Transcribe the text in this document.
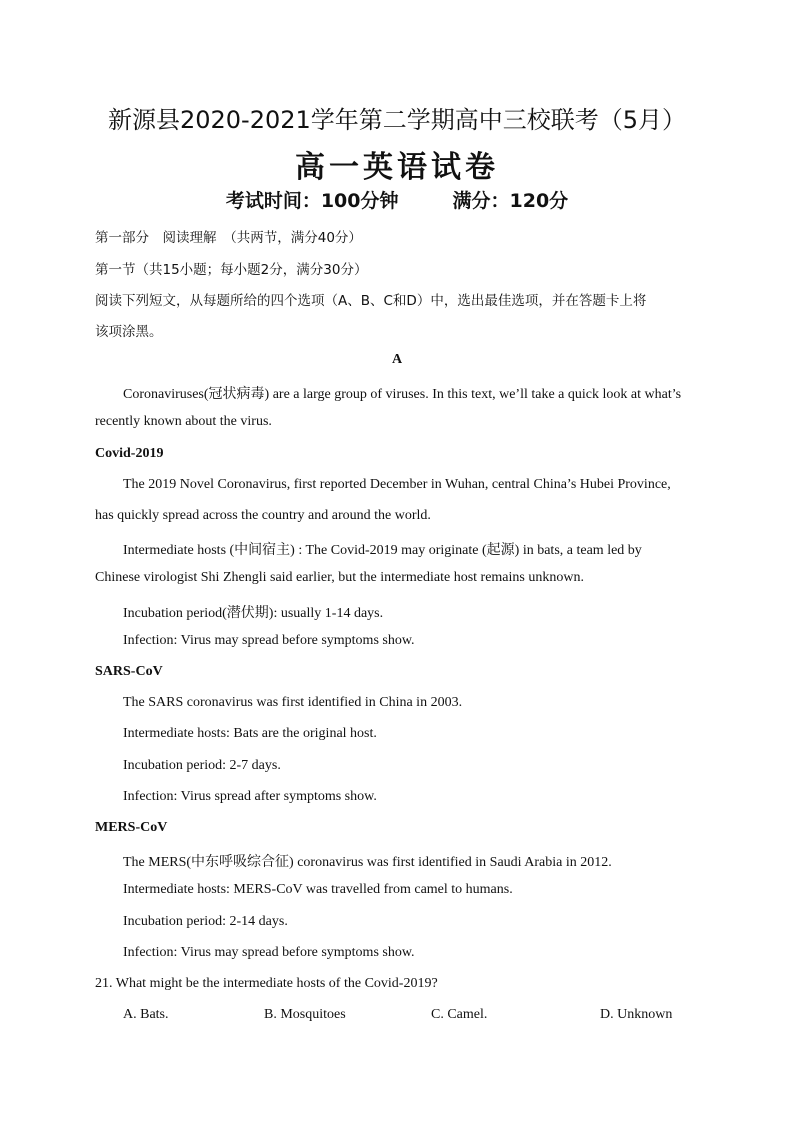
新源县2020-2021学年第二学期高中三校联考（5月）
高一英语试卷
考试时间：100分钟	满分：120分
第一部分　阅读理解　（共两节，满分40分）
第一节（共15小题；每小题2分，满分30分）
阅读下列短文，从每题所给的四个选项（A、B、C和D）中，选出最佳选项，并在答题卡上将
该项涂黑。
A
Coronaviruses(冠状病毒) are a large group of viruses. In this text, we’ll take a quick look at what’s
recently known about the virus.
Covid-2019
The 2019 Novel Coronavirus, first reported December in Wuhan, central China’s Hubei Province,
has quickly spread across the country and around the world.
Intermediate hosts (中间宿主) : The Covid-2019 may originate (起源) in bats, a team led by
Chinese virologist Shi Zhengli said earlier, but the intermediate host remains unknown.
Incubation period(潜伏期): usually 1-14 days.
Infection: Virus may spread before symptoms show.
SARS-CoV
The SARS coronavirus was first identified in China in 2003.
Intermediate hosts: Bats are the original host.
Incubation period: 2-7 days.
Infection: Virus spread after symptoms show.
MERS-CoV
The MERS(中东呼吸综合征) coronavirus was first identified in Saudi Arabia in 2012.
Intermediate hosts: MERS-CoV was travelled from camel to humans.
Incubation period: 2-14 days.
Infection: Virus may spread before symptoms show.
21. What might be the intermediate hosts of the Covid-2019?
A. Bats.	B. Mosquitoes	C. Camel.	D. Unknown
